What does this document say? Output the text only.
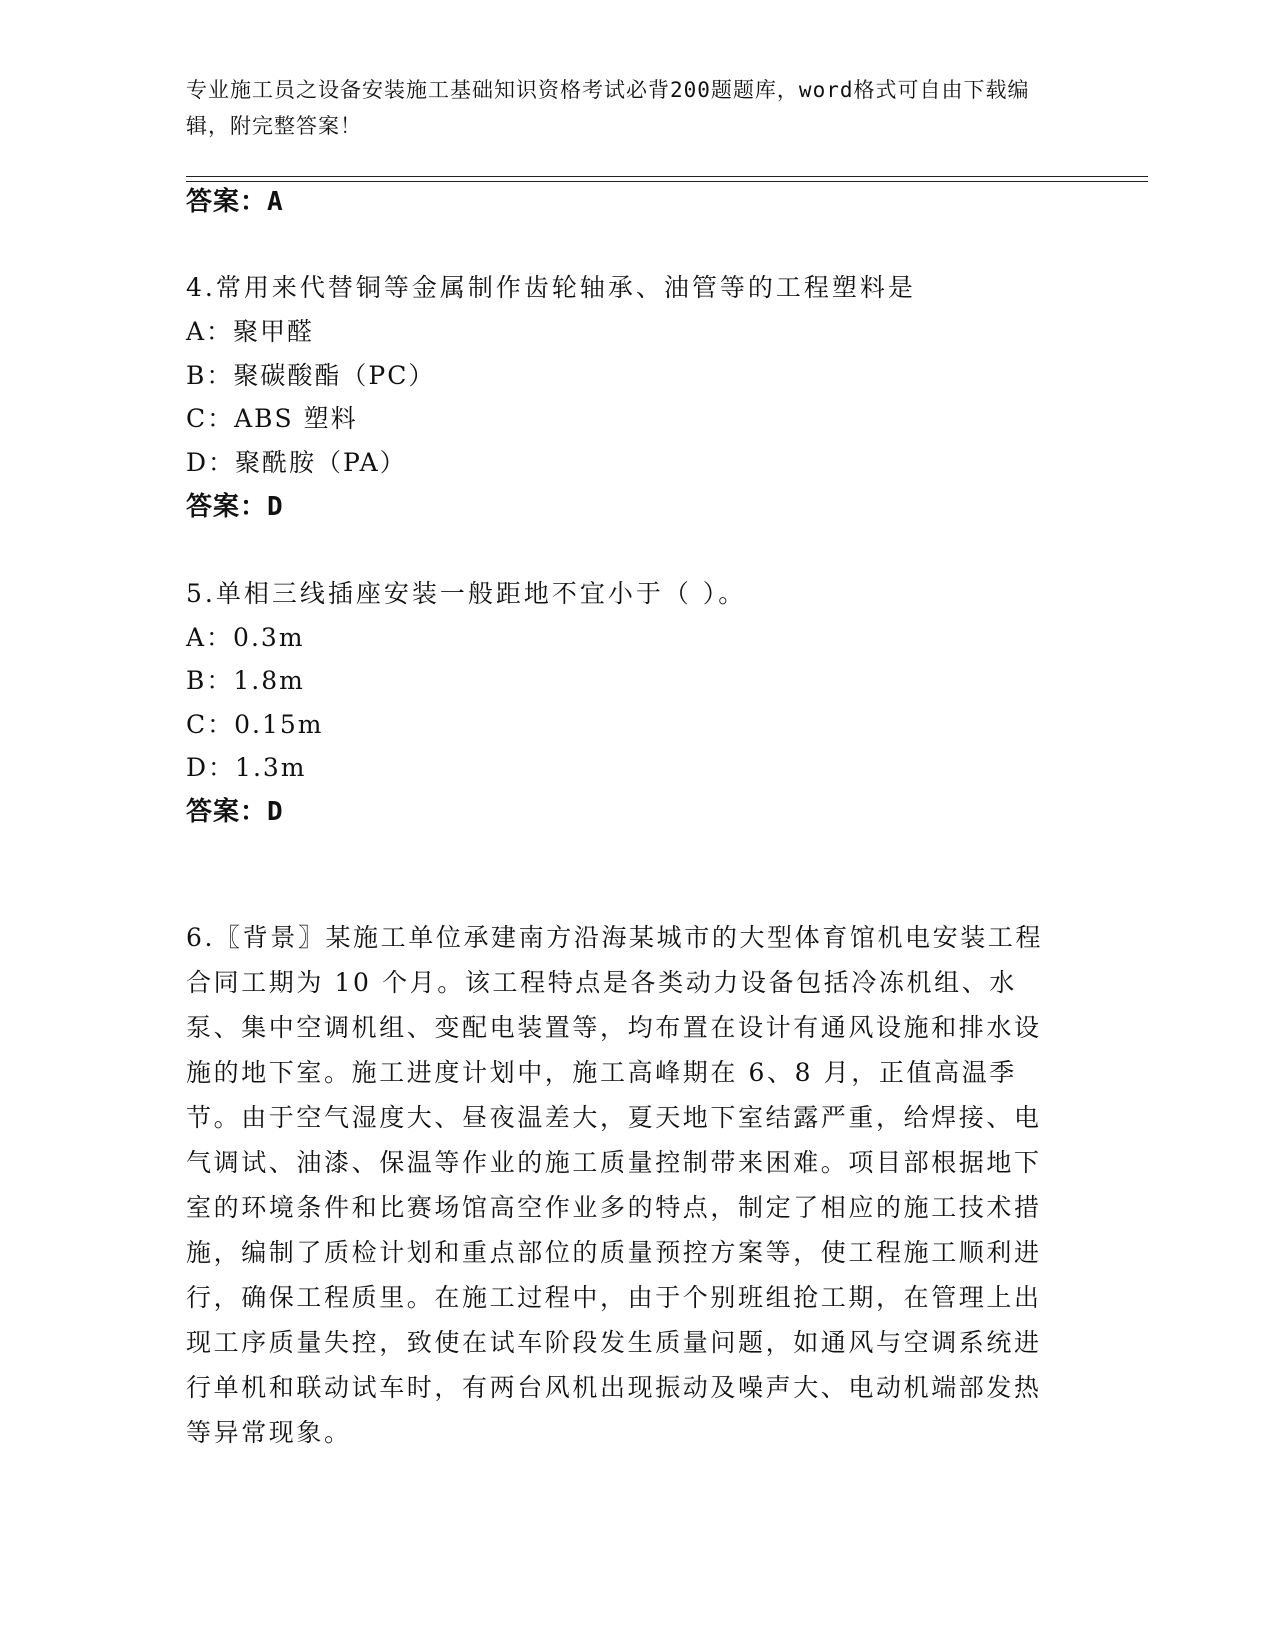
专业施工员之设备安装施工基础知识资格考试必背200题题库，word格式可自由下载编辑，附完整答案！
答案：A
4.常用来代替铜等金属制作齿轮轴承、油管等的工程塑料是
A：聚甲醛
B：聚碳酸酯（PC）
C：ABS 塑料
D：聚酰胺（PA）
答案：D
5.单相三线插座安装一般距地不宜小于（ ）。
A：0.3m
B：1.8m
C：0.15m
D：1.3m
答案：D
6.〖背景〗某施工单位承建南方沿海某城市的大型体育馆机电安装工程合同工期为 10 个月。该工程特点是各类动力设备包括冷冻机组、水泵、集中空调机组、变配电装置等，均布置在设计有通风设施和排水设施的地下室。施工进度计划中，施工高峰期在 6、8 月，正值高温季节。由于空气湿度大、昼夜温差大，夏天地下室结露严重，给焊接、电气调试、油漆、保温等作业的施工质量控制带来困难。项目部根据地下室的环境条件和比赛场馆高空作业多的特点，制定了相应的施工技术措施，编制了质检计划和重点部位的质量预控方案等，使工程施工顺利进行，确保工程质里。在施工过程中，由于个别班组抢工期，在管理上出现工序质量失控，致使在试车阶段发生质量问题，如通风与空调系统进行单机和联动试车时，有两台风机出现振动及噪声大、电动机端部发热等异常现象。
